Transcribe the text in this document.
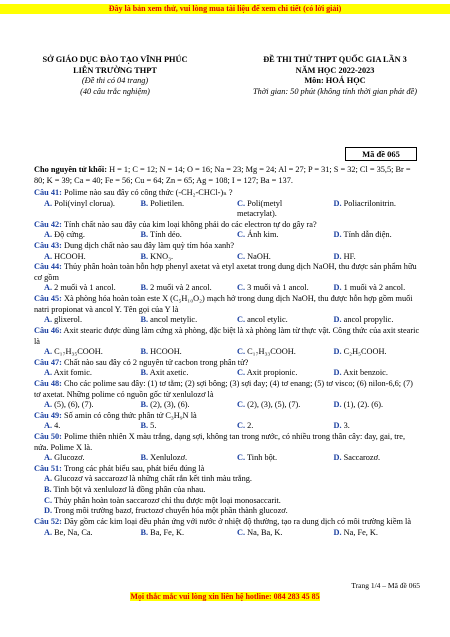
Đây là bản xem thử, vui lòng mua tài liệu để xem chi tiết (có lời giải)
SỞ GIÁO DỤC ĐÀO TẠO VĨNH PHÚC
LIÊN TRƯỜNG THPT
(Đề thi có 04 trang)
(40 câu trắc nghiệm)
ĐỀ THI THỬ THPT QUỐC GIA LẦN 3
NĂM HỌC 2022-2023
Môn: HOÁ HỌC
Thời gian: 50 phút (không tính thời gian phát đề)
Mã đề 065
Cho nguyên tử khối: H = 1; C = 12; N = 14; O = 16; Na = 23; Mg = 24; Al = 27; P = 31; S = 32; Cl = 35,5; Br = 80; K = 39; Ca = 40; Fe = 56; Cu = 64; Zn = 65; Ag = 108; I = 127; Ba = 137.
Câu 41: Polime nào sau đây có công thức (-CH₂-CHCl-)ₙ ?
A. Poli(vinyl clorua).	B. Polietilen.	C. Poli(metyl metacrylat).
D. Poliacrilonitrin.
Câu 42: Tính chất nào sau đây của kim loại không phải do các electron tự do gây ra?
A. Độ cứng.	B. Tính dẻo.	C. Ánh kim.	D. Tính dẫn điện.
Câu 43: Dung dịch chất nào sau đây làm quỳ tím hóa xanh?
A. HCOOH.	B. KNO₃.	C. NaOH.	D. HF.
Câu 44: Thủy phân hoàn toàn hỗn hợp phenyl axetat và etyl axetat trong dung dịch NaOH, thu được sản phẩm hữu cơ gồm
A. 2 muối và 1 ancol.	B. 2 muối và 2 ancol.	C. 3 muối và 1 ancol.	D. 1 muối và 2 ancol.
Câu 45: Xà phòng hóa hoàn toàn este X (C₅H₁₀O₂) mạch hở trong dung dịch NaOH, thu được hỗn hợp gồm muối natri propionat và ancol Y. Tên gọi của Y là
A. glixerol.	B. ancol metylic.	C. ancol etylic.	D. ancol propylic.
Câu 46: Axit stearic được dùng làm cứng xà phòng, đặc biệt là xà phòng làm từ thực vật. Công thức của axit stearic là
A. C₁₇H₃₅COOH.	B. HCOOH.	C. C₁₇H₃₃COOH.	D. C₂H₅COOH.
Câu 47: Chất nào sau đây có 2 nguyên tử cacbon trong phân tử?
A. Axit fomic.	B. Axit axetic.	C. Axit propionic.	D. Axit benzoic.
Câu 48: Cho các polime sau đây: (1) tơ tằm; (2) sợi bông; (3) sợi đay; (4) tơ enang; (5) tơ visco; (6) nilon-6,6; (7) tơ axetat. Những polime có nguồn gốc từ xenlulozơ là
A. (5), (6), (7).	B. (2), (3), (6).	C. (2), (3), (5), (7).	D. (1), (2). (6).
Câu 49: Số amin có công thức phân tử C₃H₉N là
A. 4.	B. 5.	C. 2.	D. 3.
Câu 50: Polime thiên nhiên X màu trắng, dạng sợi, không tan trong nước, có nhiều trong thân cây: đay, gai, tre, nứa. Polime X là.
A. Glucozơ.	B. Xenlulozơ.	C. Tinh bột.	D. Saccarozơ.
Câu 51: Trong các phát biểu sau, phát biểu đúng là
A. Glucozơ và saccarozơ là những chất rắn kết tinh màu trắng.
B. Tinh bột và xenlulozơ là đồng phân của nhau.
C. Thủy phân hoàn toàn saccarozơ chỉ thu được một loại monosaccarit.
D. Trong môi trường bazơ, fructozơ chuyển hóa một phần thành glucozơ.
Câu 52: Dãy gồm các kim loại đều phản ứng với nước ở nhiệt độ thường, tạo ra dung dịch có môi trường kiềm là
A. Be, Na, Ca.	B. Ba, Fe, K.	C. Na, Ba, K.	D. Na, Fe, K.
Trang 1/4 – Mã đề 065
Mọi thắc mắc vui lòng xin liên hệ hotline: 084 283 45 85
